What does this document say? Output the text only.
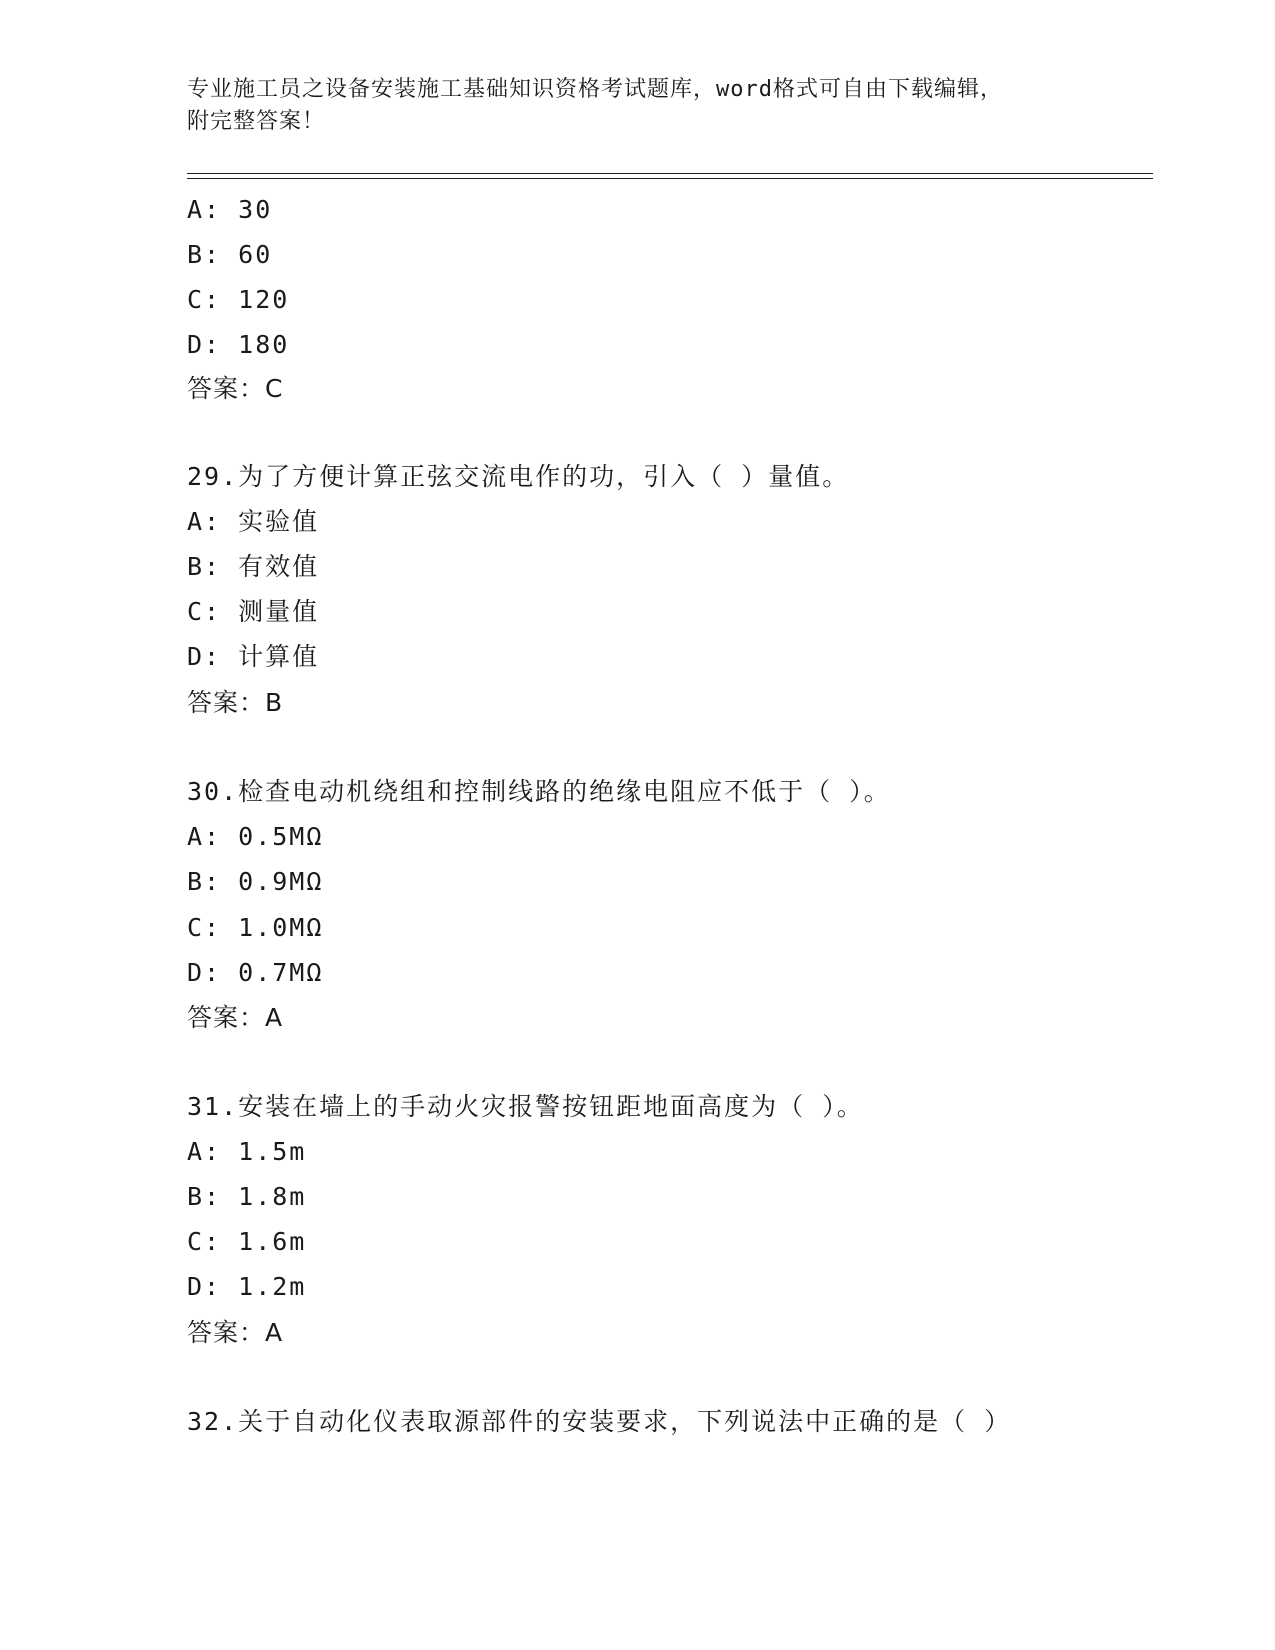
专业施工员之设备安装施工基础知识资格考试题库，word格式可自由下载编辑，
附完整答案！
A: 30
B: 60
C: 120
D: 180
答案：C
29.为了方便计算正弦交流电作的功，引入（ ）量值。
A: 实验值
B: 有效值
C: 测量值
D: 计算值
答案：B
30.检查电动机绕组和控制线路的绝缘电阻应不低于（ ）。
A: 0.5MΩ
B: 0.9MΩ
C: 1.0MΩ
D: 0.7MΩ
答案：A
31.安装在墙上的手动火灾报警按钮距地面高度为（ ）。
A: 1.5m
B: 1.8m
C: 1.6m
D: 1.2m
答案：A
32.关于自动化仪表取源部件的安装要求，下列说法中正确的是（ ）
